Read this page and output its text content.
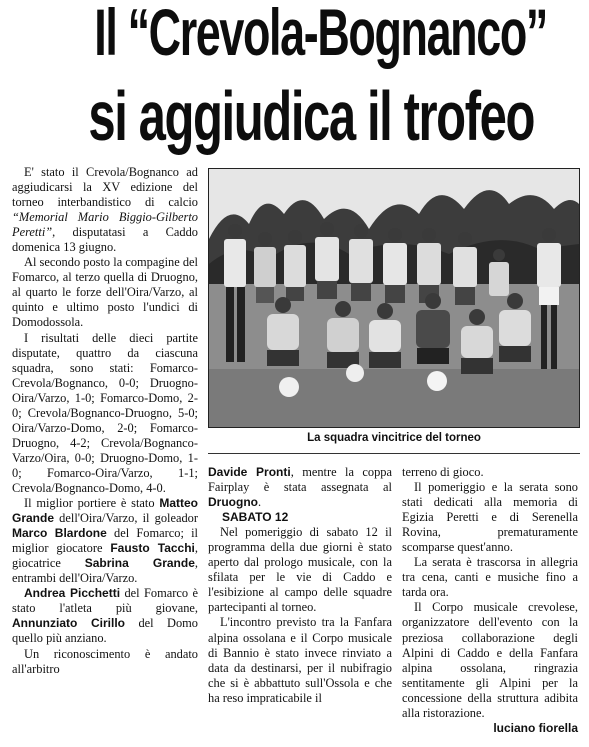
Il “Crevola-Bognanco”
si aggiudica il trofeo

E' stato il Crevola/Bognanco ad aggiudicarsi la XV edizione del torneo interbandistico di calcio “Memorial Mario Biggio-Gilberto Peretti”, disputatasi a Caddo domenica 13 giugno.

Al secondo posto la compagine del Fomarco, al terzo quella di Druogno, al quarto le forze dell'Oira/Varzo, al quinto e ultimo posto l'undici di Domodossola.

I risultati delle dieci partite disputate, quattro da ciascuna squadra, sono stati: Fomarco-Crevola/Bognanco, 0-0; Druogno-Oira/Varzo, 1-0; Fomarco-Domo, 2-0; Crevola/Bognanco-Druogno, 5-0; Oira/Varzo-Domo, 2-0; Fomarco-Druogno, 4-2; Crevola/Bognanco-Varzo/Oira, 0-0; Druogno-Domo, 1-0; Fomarco-Oira/Varzo, 1-1; Crevola/Bognanco-Domo, 4-0.

Il miglior portiere è stato Matteo Grande dell'Oira/Varzo, il goleador Marco Blardone del Fomarco; il miglior giocatore Fausto Tacchi, giocatrice Sabrina Grande, entrambi dell'Oira/Varzo.

Andrea Picchetti del Fomarco è stato l'atleta più giovane, Annunziato Cirillo del Domo quello più anziano.

Un riconoscimento è andato all'arbitro

La squadra vincitrice del torneo

Davide Pronti, mentre la coppa Fairplay è stata assegnata al Druogno.

SABATO 12

Nel pomeriggio di sabato 12 il programma della due giorni è stato aperto dal prologo musicale, con la sfilata per le vie di Caddo e l'esibizione al campo delle squadre partecipanti al torneo.

L'incontro previsto tra la Fanfara alpina ossolana e il Corpo musicale di Bannio è stato invece rinviato a data da destinarsi, per il nubifragio che si è abbattuto sull'Ossola e che ha reso impraticabile il

terreno di gioco.

Il pomeriggio e la serata sono stati dedicati alla memoria di Egizia Peretti e di Serenella Rovina, prematuramente scomparse quest'anno.

La serata è trascorsa in allegria tra cena, canti e musiche fino a tarda ora.

Il Corpo musicale crevolese, organizzatore dell'evento con la preziosa collaborazione degli Alpini di Caddo e della Fanfara alpina ossolana, ringrazia sentitamente gli Alpini per la concessione della struttura adibita alla ristorazione.

luciano fiorella
